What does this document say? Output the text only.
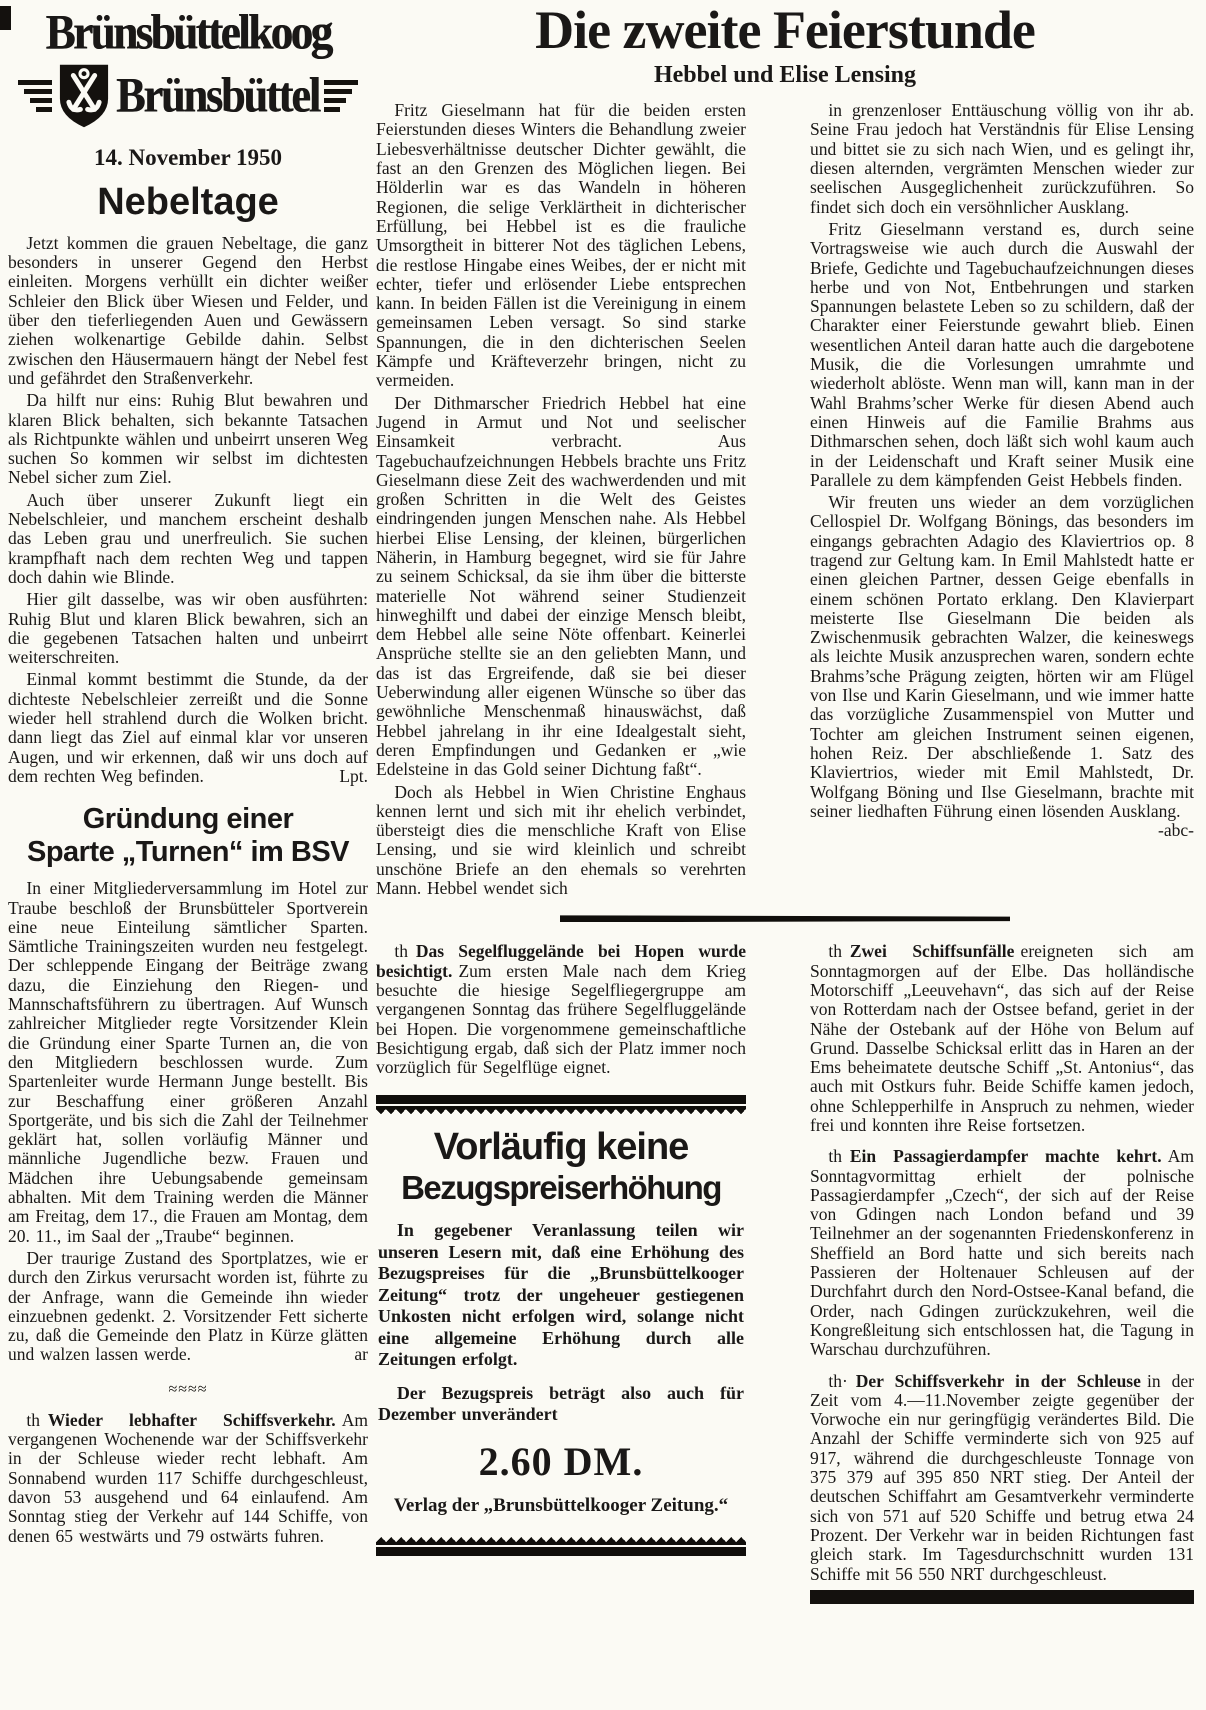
Brünsbüttelkoog
Brünsbüttel
14. November 1950
Nebeltage

Jetzt kommen die grauen Nebeltage, die ganz besonders in unserer Gegend den Herbst einleiten. Morgens verhüllt ein dichter weißer Schleier den Blick über Wiesen und Felder, und über den tieferliegenden Auen und Gewässern ziehen wolkenartige Gebilde dahin. Selbst zwischen den Häusermauern hängt der Nebel fest und gefährdet den Straßenverkehr.

Da hilft nur eins: Ruhig Blut bewahren und klaren Blick behalten, sich bekannte Tatsachen als Richtpunkte wählen und unbeirrt unseren Weg suchen So kommen wir selbst im dichtesten Nebel sicher zum Ziel.

Auch über unserer Zukunft liegt ein Nebelschleier, und manchem erscheint deshalb das Leben grau und unerfreulich. Sie suchen krampfhaft nach dem rechten Weg und tappen doch dahin wie Blinde.

Hier gilt dasselbe, was wir oben ausführten: Ruhig Blut und klaren Blick bewahren, sich an die gegebenen Tatsachen halten und unbeirrt weiterschreiten.

Einmal kommt bestimmt die Stunde, da der dichteste Nebelschleier zerreißt und die Sonne wieder hell strahlend durch die Wolken bricht. dann liegt das Ziel auf einmal klar vor unseren Augen, und wir erkennen, daß wir uns doch auf dem rechten Weg befinden.	Lpt.

Gründung einer
Sparte „Turnen“ im BSV

In einer Mitgliederversammlung im Hotel zur Traube beschloß der Brunsbütteler Sportverein eine neue Einteilung sämtlicher Sparten. Sämtliche Trainingszeiten wurden neu festgelegt. Der schleppende Eingang der Beiträge zwang dazu, die Einziehung den Riegen- und Mannschaftsführern zu übertragen. Auf Wunsch zahlreicher Mitglieder regte Vorsitzender Klein die Gründung einer Sparte Turnen an, die von den Mitgliedern beschlossen wurde. Zum Spartenleiter wurde Hermann Junge bestellt. Bis zur Beschaffung einer größeren Anzahl Sportgeräte, und bis sich die Zahl der Teilnehmer geklärt hat, sollen vorläufig Männer und männliche Jugendliche bezw. Frauen und Mädchen ihre Uebungsabende gemeinsam abhalten. Mit dem Training werden die Männer am Freitag, dem 17., die Frauen am Montag, dem 20. 11., im Saal der „Traube“ beginnen.

Der traurige Zustand des Sportplatzes, wie er durch den Zirkus verursacht worden ist, führte zu der Anfrage, wann die Gemeinde ihn wieder einzuebnen gedenkt. 2. Vorsitzender Fett sicherte zu, daß die Gemeinde den Platz in Kürze glätten und walzen lassen werde.	ar

≈≈≈≈

th Wieder lebhafter Schiffsverkehr. Am vergangenen Wochenende war der Schiffsverkehr in der Schleuse wieder recht lebhaft. Am Sonnabend wurden 117 Schiffe durchgeschleust, davon 53 ausgehend und 64 einlaufend. Am Sonntag stieg der Verkehr auf 144 Schiffe, von denen 65 westwärts und 79 ostwärts fuhren.

Die zweite Feierstunde
Hebbel und Elise Lensing

Fritz Gieselmann hat für die beiden ersten Feierstunden dieses Winters die Behandlung zweier Liebesverhältnisse deutscher Dichter gewählt, die fast an den Grenzen des Möglichen liegen. Bei Hölderlin war es das Wandeln in höheren Regionen, die selige Verklärtheit in dichterischer Erfüllung, bei Hebbel ist es die frauliche Umsorgtheit in bitterer Not des täglichen Lebens, die restlose Hingabe eines Weibes, der er nicht mit echter, tiefer und erlösender Liebe entsprechen kann. In beiden Fällen ist die Vereinigung in einem gemeinsamen Leben versagt. So sind starke Spannungen, die in den dichterischen Seelen Kämpfe und Kräfteverzehr bringen, nicht zu vermeiden.

Der Dithmarscher Friedrich Hebbel hat eine Jugend in Armut und Not und seelischer Einsamkeit verbracht. Aus Tagebuchaufzeichnungen Hebbels brachte uns Fritz Gieselmann diese Zeit des wachwerdenden und mit großen Schritten in die Welt des Geistes eindringenden jungen Menschen nahe. Als Hebbel hierbei Elise Lensing, der kleinen, bürgerlichen Näherin, in Hamburg begegnet, wird sie für Jahre zu seinem Schicksal, da sie ihm über die bitterste materielle Not während seiner Studienzeit hinweghilft und dabei der einzige Mensch bleibt, dem Hebbel alle seine Nöte offenbart. Keinerlei Ansprüche stellte sie an den geliebten Mann, und das ist das Ergreifende, daß sie bei dieser Ueberwindung aller eigenen Wünsche so über das gewöhnliche Menschenmaß hinauswächst, daß Hebbel jahrelang in ihr eine Idealgestalt sieht, deren Empfindungen und Gedanken er „wie Edelsteine in das Gold seiner Dichtung faßt“.

Doch als Hebbel in Wien Christine Enghaus kennen lernt und sich mit ihr ehelich verbindet, übersteigt dies die menschliche Kraft von Elise Lensing, und sie wird kleinlich und schreibt unschöne Briefe an den ehemals so verehrten Mann. Hebbel wendet sich

in grenzenloser Enttäuschung völlig von ihr ab. Seine Frau jedoch hat Verständnis für Elise Lensing und bittet sie zu sich nach Wien, und es gelingt ihr, diesen alternden, vergrämten Menschen wieder zur seelischen Ausgeglichenheit zurückzuführen. So findet sich doch ein versöhnlicher Ausklang.

Fritz Gieselmann verstand es, durch seine Vortragsweise wie auch durch die Auswahl der Briefe, Gedichte und Tagebuchaufzeichnungen dieses herbe und von Not, Entbehrungen und starken Spannungen belastete Leben so zu schildern, daß der Charakter einer Feierstunde gewahrt blieb. Einen wesentlichen Anteil daran hatte auch die dargebotene Musik, die die Vorlesungen umrahmte und wiederholt ablöste. Wenn man will, kann man in der Wahl Brahms’scher Werke für diesen Abend auch einen Hinweis auf die Familie Brahms aus Dithmarschen sehen, doch läßt sich wohl kaum auch in der Leidenschaft und Kraft seiner Musik eine Parallele zu dem kämpfenden Geist Hebbels finden.

Wir freuten uns wieder an dem vorzüglichen Cellospiel Dr. Wolfgang Bönings, das besonders im eingangs gebrachten Adagio des Klaviertrios op. 8 tragend zur Geltung kam. In Emil Mahlstedt hatte er einen gleichen Partner, dessen Geige ebenfalls in einem schönen Portato erklang. Den Klavierpart meisterte Ilse Gieselmann Die beiden als Zwischenmusik gebrachten Walzer, die keineswegs als leichte Musik anzusprechen waren, sondern echte Brahms’sche Prägung zeigten, hörten wir am Flügel von Ilse und Karin Gieselmann, und wie immer hatte das vorzügliche Zusammenspiel von Mutter und Tochter am gleichen Instrument seinen eigenen, hohen Reiz. Der abschließende 1. Satz des Klaviertrios, wieder mit Emil Mahlstedt, Dr. Wolfgang Böning und Ilse Gieselmann, brachte mit seiner liedhaften Führung einen lösenden Ausklang.
-abc-

th Das Segelfluggelände bei Hopen wurde besichtigt. Zum ersten Male nach dem Krieg besuchte die hiesige Segelfliegergruppe am vergangenen Sonntag das frühere Segelfluggelände bei Hopen. Die vorgenommene gemeinschaftliche Besichtigung ergab, daß sich der Platz immer noch vorzüglich für Segelflüge eignet.

Vorläufig keine
Bezugspreiserhöhung

In gegebener Veranlassung teilen wir unseren Lesern mit, daß eine Erhöhung des Bezugspreises für die „Brunsbüttelkooger Zeitung“ trotz der ungeheuer gestiegenen Unkosten nicht erfolgen wird, solange nicht eine allgemeine Erhöhung durch alle Zeitungen erfolgt.

Der Bezugspreis beträgt also auch für Dezember unverändert

2.60 DM.
Verlag der „Brunsbüttelkooger Zeitung.“

th Zwei Schiffsunfälle ereigneten sich am Sonntagmorgen auf der Elbe. Das holländische Motorschiff „Leeuvehavn“, das sich auf der Reise von Rotterdam nach der Ostsee befand, geriet in der Nähe der Ostebank auf der Höhe von Belum auf Grund. Dasselbe Schicksal erlitt das in Haren an der Ems beheimatete deutsche Schiff „St. Antonius“, das auch mit Ostkurs fuhr. Beide Schiffe kamen jedoch, ohne Schlepperhilfe in Anspruch zu nehmen, wieder frei und konnten ihre Reise fortsetzen.

th Ein Passagierdampfer machte kehrt. Am Sonntagvormittag erhielt der polnische Passagierdampfer „Czech“, der sich auf der Reise von Gdingen nach London befand und 39 Teilnehmer an der sogenannten Friedenskonferenz in Sheffield an Bord hatte und sich bereits nach Passieren der Holtenauer Schleusen auf der Durchfahrt durch den Nord-Ostsee-Kanal befand, die Order, nach Gdingen zurückzukehren, weil die Kongreßleitung sich entschlossen hat, die Tagung in Warschau durchzuführen.

th· Der Schiffsverkehr in der Schleuse in der Zeit vom 4.—11.November zeigte gegenüber der Vorwoche ein nur geringfügig verändertes Bild. Die Anzahl der Schiffe verminderte sich von 925 auf 917, während die durchgeschleuste Tonnage von 375 379 auf 395 850 NRT stieg. Der Anteil der deutschen Schiffahrt am Gesamtverkehr verminderte sich von 571 auf 520 Schiffe und betrug etwa 24 Prozent. Der Verkehr war in beiden Richtungen fast gleich stark. Im Tagesdurchschnitt wurden 131 Schiffe mit 56 550 NRT durchgeschleust.
